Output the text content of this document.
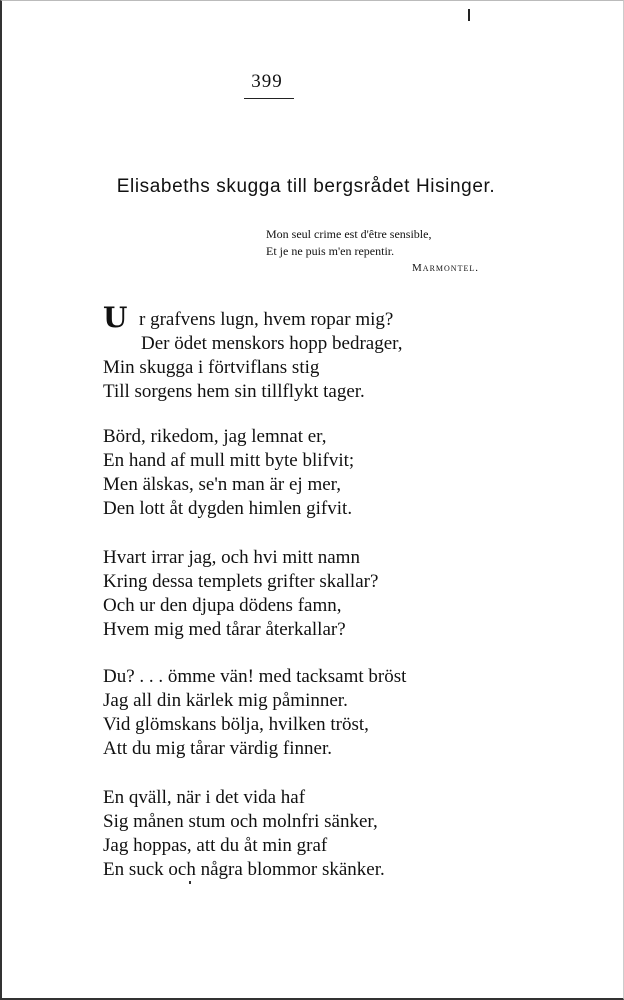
399
Elisabeths skugga till bergsrådet Hisinger.
Mon seul crime est d'être sensible,
Et je ne puis m'en repentir.
Marmontel.
U r grafvens lugn, hvem ropar mig?
Der ödet menskors hopp bedrager,
Min skugga i förtviflans stig
Till sorgens hem sin tillflykt tager.
Börd, rikedom, jag lemnat er,
En hand af mull mitt byte blifvit;
Men älskas, se'n man är ej mer,
Den lott åt dygden himlen gifvit.
Hvart irrar jag, och hvi mitt namn
Kring dessa templets grifter skallar?
Och ur den djupa dödens famn,
Hvem mig med tårar återkallar?
Du? . . . ömme vän! med tacksamt bröst
Jag all din kärlek mig påminner.
Vid glömskans bölja, hvilken tröst,
Att du mig tårar värdig finner.
En qväll, när i det vida haf
Sig månen stum och molnfri sänker,
Jag hoppas, att du åt min graf
En suck och några blommor skänker.
